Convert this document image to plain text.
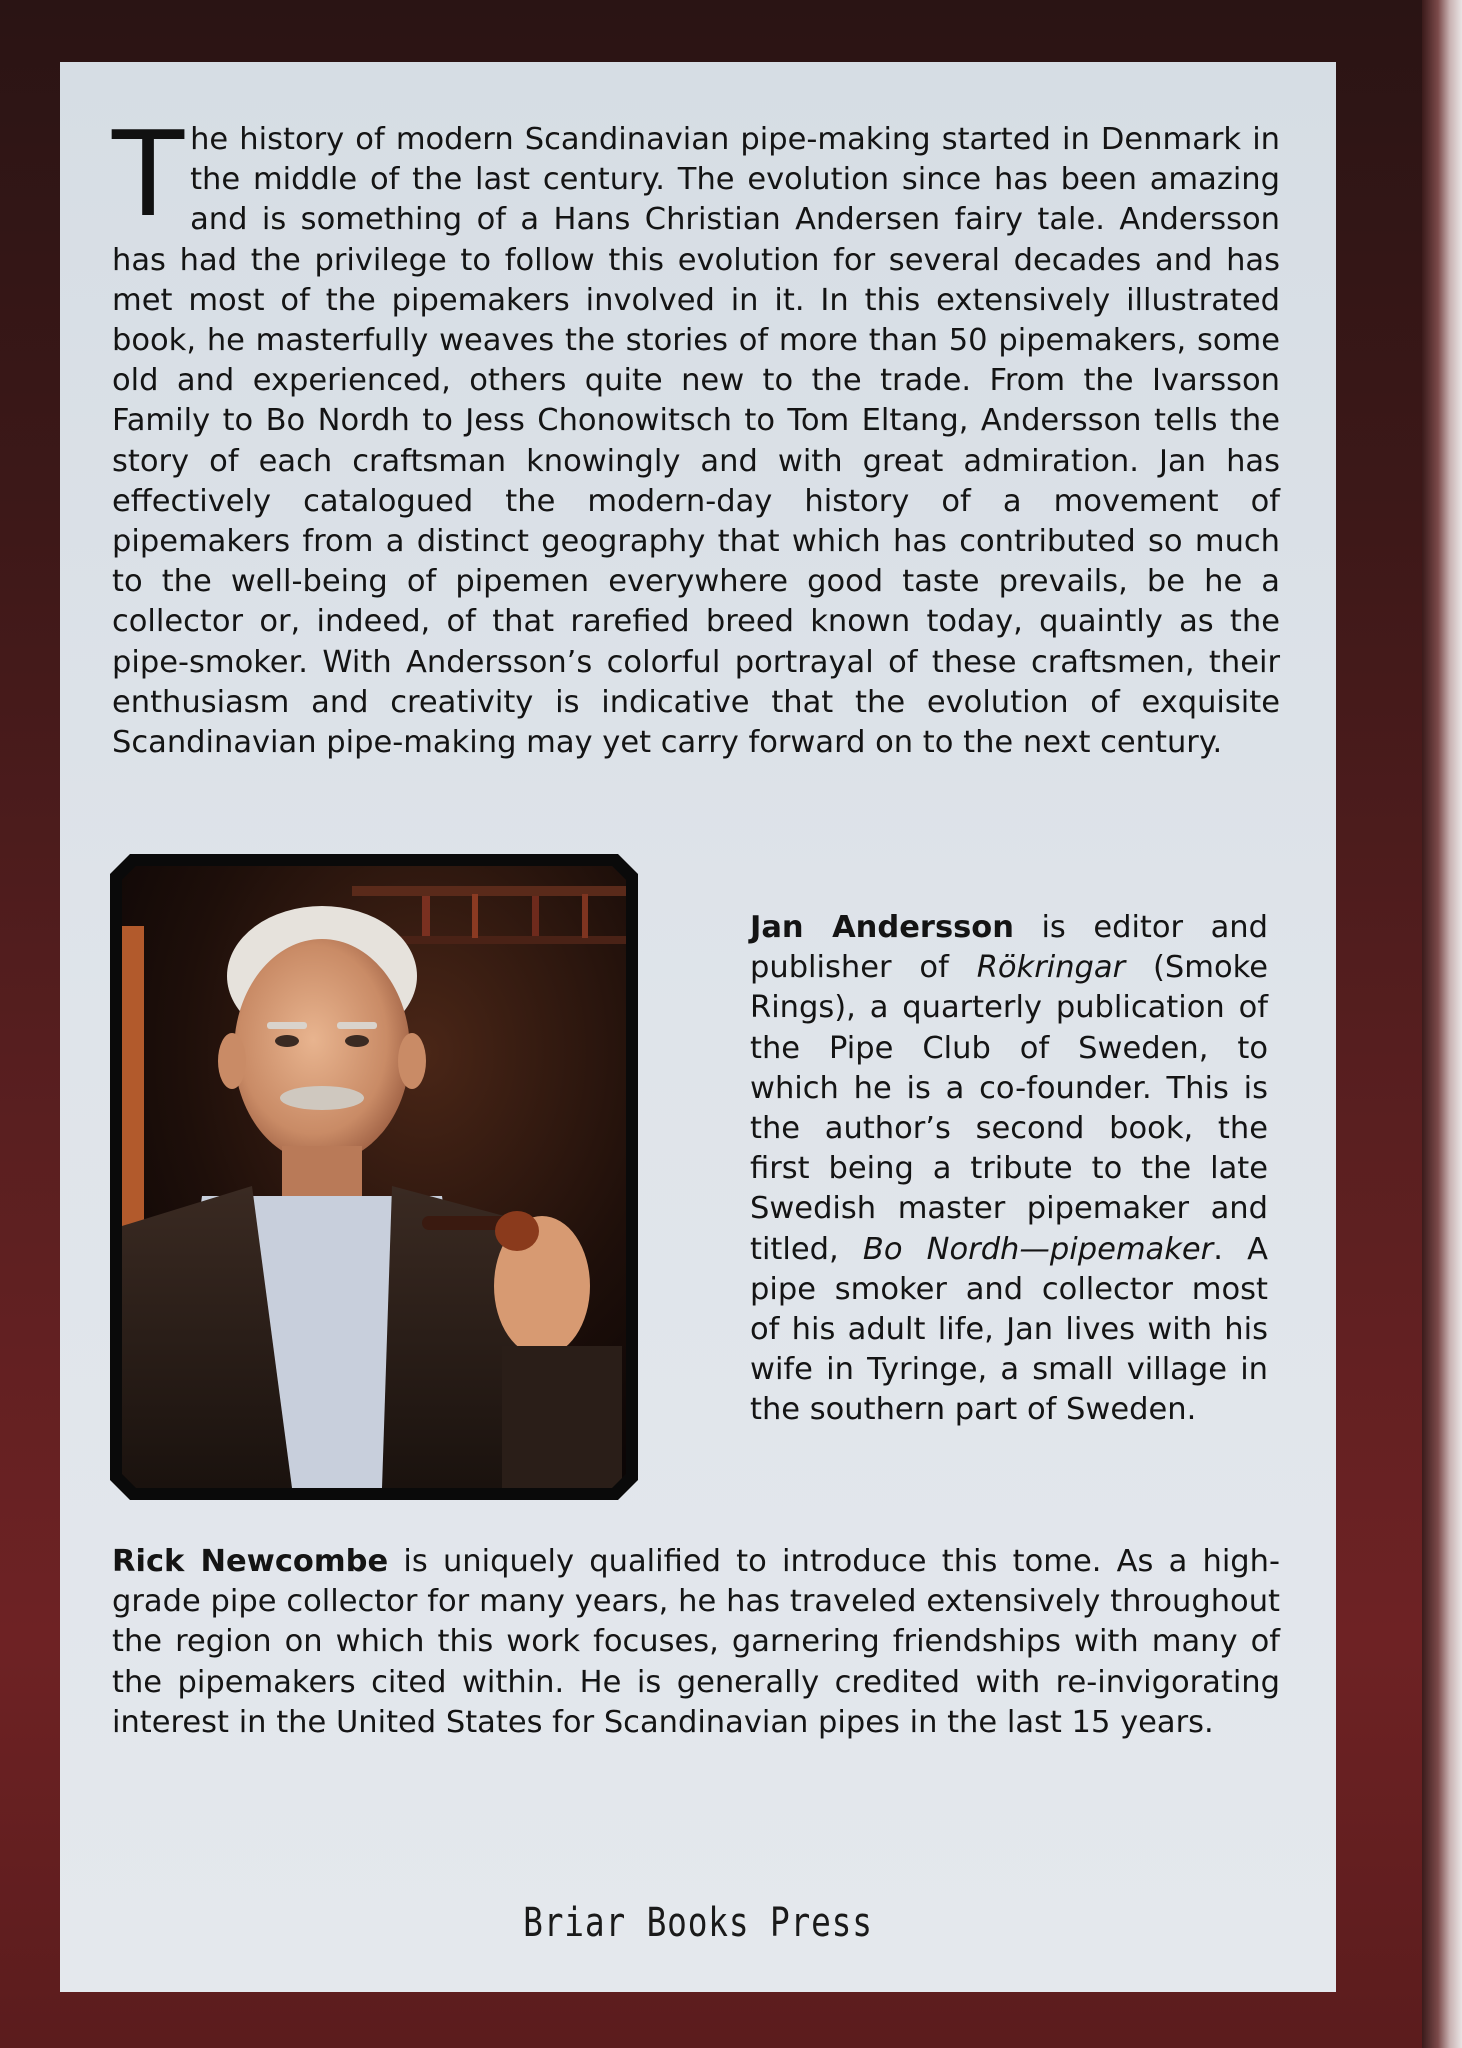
The history of modern Scandinavian pipe-making started in Denmark in the middle of the last century. The evolution since has been amazing and is something of a Hans Christian Andersen fairy tale. Andersson has had the privilege to follow this evolution for several decades and has met most of the pipemakers involved in it. In this extensively illustrated book, he masterfully weaves the stories of more than 50 pipemakers, some old and experienced, others quite new to the trade. From the Ivarsson Family to Bo Nordh to Jess Chonowitsch to Tom Eltang, Andersson tells the story of each craftsman knowingly and with great admiration. Jan has effectively catalogued the modern-day history of a movement of pipemakers from a distinct geography that which has contributed so much to the well-being of pipemen everywhere good taste prevails, be he a collector or, indeed, of that rarefied breed known today, quaintly as the pipe-smoker. With Andersson’s colorful portrayal of these craftsmen, their enthusiasm and creativity is indicative that the evolution of exquisite Scandinavian pipe-making may yet carry forward on to the next century.
Jan Andersson is editor and publisher of Rökringar (Smoke Rings), a quarterly publication of the Pipe Club of Sweden, to which he is a co-founder. This is the author’s second book, the first being a tribute to the late Swedish master pipemaker and titled, Bo Nordh—pipemaker. A pipe smoker and collector most of his adult life, Jan lives with his wife in Tyringe, a small village in the southern part of Sweden.
Rick Newcombe is uniquely qualified to introduce this tome. As a high-grade pipe collector for many years, he has traveled extensively throughout the region on which this work focuses, garnering friendships with many of the pipemakers cited within. He is generally credited with re-invigorating interest in the United States for Scandinavian pipes in the last 15 years.
Briar Books Press
